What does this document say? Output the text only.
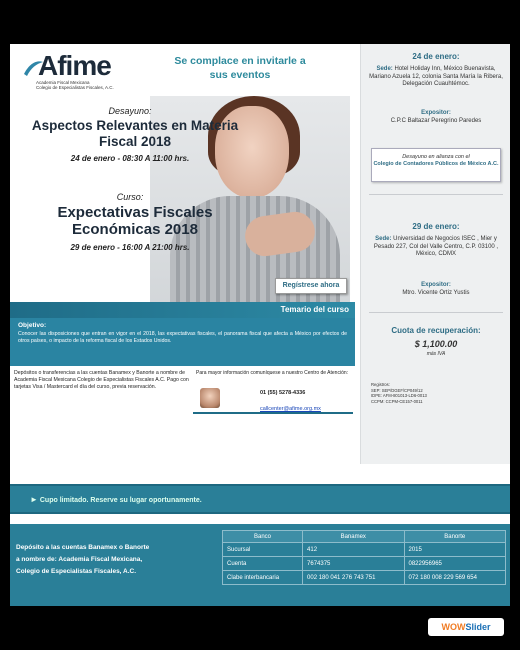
Afime
Academia Fiscal Mexicana
Colegio de Especialistas Fiscales, A.C.
Se complace en invitarle a sus eventos
Desayuno:
Aspectos Relevantes en Materia Fiscal 2018
24 de enero - 08:30 A 11:00 hrs.
Curso:
Expectativas Fiscales Económicas 2018
29 de enero - 16:00 A 21:00 hrs.
Regístrese ahora
Temario del curso
Objetivo:
Conocer las disposiciones que entran en vigor en el 2018, las expectativas fiscales, el panorama fiscal que afecta a México por efectos de otros países, o impacto de la reforma fiscal de los Estados Unidos.
Depósitos o transferencias a las cuentas Banamex y Banorte a nombre de Academia Fiscal Mexicana Colegio de Especialistas Fiscales A.C. Pago con tarjetas Visa / Mastercard el día del curso, previa reservación.
Para mayor información comuníquese a nuestro Centro de Atención:
01 (55) 5278-4336
callcenter@afime.org.mx
24 de enero:
Sede: Hotel Holiday Inn, México Buenavista, Mariano Azuela 12, colonia Santa María la Ribera, Delegación Cuauhtémoc.
Expositor:
C.P.C Baltazar Peregrino Paredes
Desayuno en alianza con el
Colegio de Contadores Públicos de México A.C.
29 de enero:
Sede: Universidad de Negocios ISEC , Mier y Pesado 227, Col del Valle Centro, C.P. 03100 , México, CDMX
Expositor:
Mtro. Vicente Ortiz Yustis
Cuota de recuperación:
$ 1,100.00
más IVA
Registros:
SEP: SEP/DGEF/CP049/12
IDPE: AFM-801013-LD6-0013
CCPM: CCPM-CE157-0011
► Cupo limitado. Reserve su lugar oportunamente.
Depósito a las cuentas Banamex o Banorte
a nombre de: Academia Fiscal Mexicana,
Colegio de Especialistas Fiscales, A.C.
Banco	Banamex	Banorte
Sucursal	412	2015
Cuenta	7674375	0822956965
Clabe interbancaria	002 180 041 276 743 751	072 180 008 229 569 654
WOWSlider
